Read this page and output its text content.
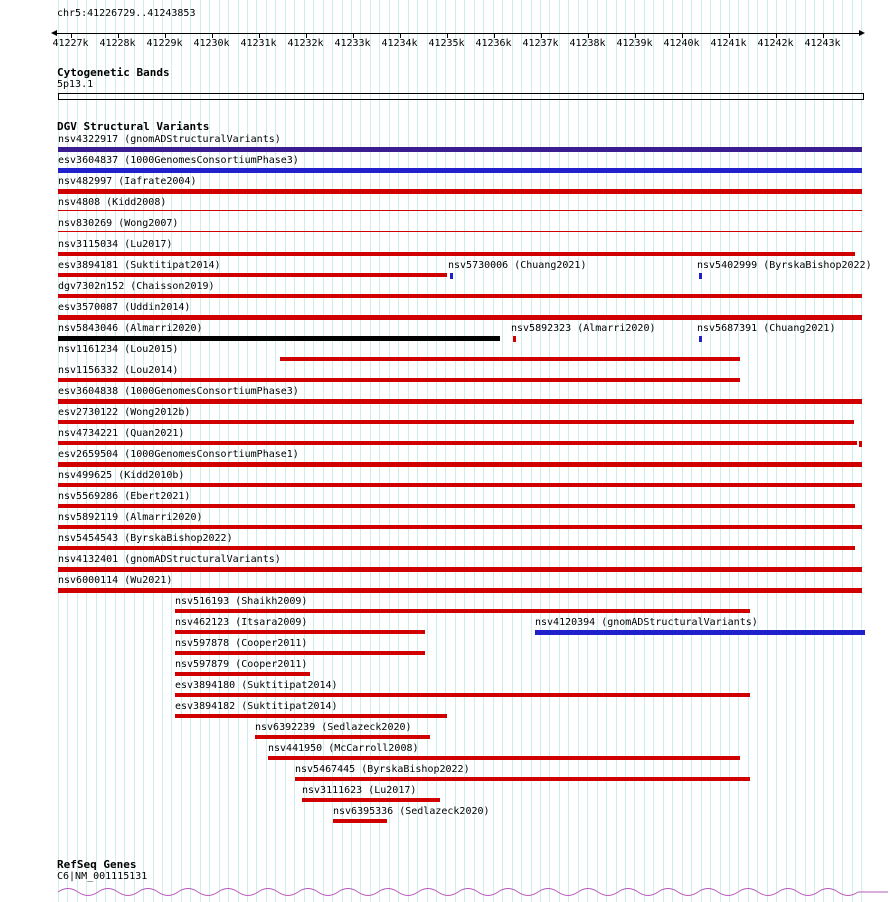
chr5:41226729..41243853
41227k 41228k 41229k 41230k 41231k 41232k 41233k 41234k 41235k 41236k 41237k 41238k 41239k 41240k 41241k 41242k 41243k
Cytogenetic Bands
5p13.1
DGV Structural Variants
nsv4322917 (gnomADStructuralVariants)
esv3604837 (1000GenomesConsortiumPhase3)
nsv482997 (Iafrate2004)
nsv4808 (Kidd2008)
nsv830269 (Wong2007)
nsv3115034 (Lu2017)
esv3894181 (Suktitipat2014)	nsv5730006 (Chuang2021)	nsv5402999 (ByrskaBishop2022)
dgv7302n152 (Chaisson2019)
esv3570087 (Uddin2014)
nsv5843046 (Almarri2020)	nsv5892323 (Almarri2020)	nsv5687391 (Chuang2021)
nsv1161234 (Lou2015)
nsv1156332 (Lou2014)
esv3604838 (1000GenomesConsortiumPhase3)
esv2730122 (Wong2012b)
nsv4734221 (Quan2021)
esv2659504 (1000GenomesConsortiumPhase1)
nsv499625 (Kidd2010b)
nsv5569286 (Ebert2021)
nsv5892119 (Almarri2020)
nsv5454543 (ByrskaBishop2022)
nsv4132401 (gnomADStructuralVariants)
nsv6000114 (Wu2021)
nsv516193 (Shaikh2009)
nsv462123 (Itsara2009)	nsv4120394 (gnomADStructuralVariants)
nsv597878 (Cooper2011)
nsv597879 (Cooper2011)
esv3894180 (Suktitipat2014)
esv3894182 (Suktitipat2014)
nsv6392239 (Sedlazeck2020)
nsv441950 (McCarroll2008)
nsv5467445 (ByrskaBishop2022)
nsv3111623 (Lu2017)
nsv6395336 (Sedlazeck2020)
RefSeq Genes
C6|NM_001115131
